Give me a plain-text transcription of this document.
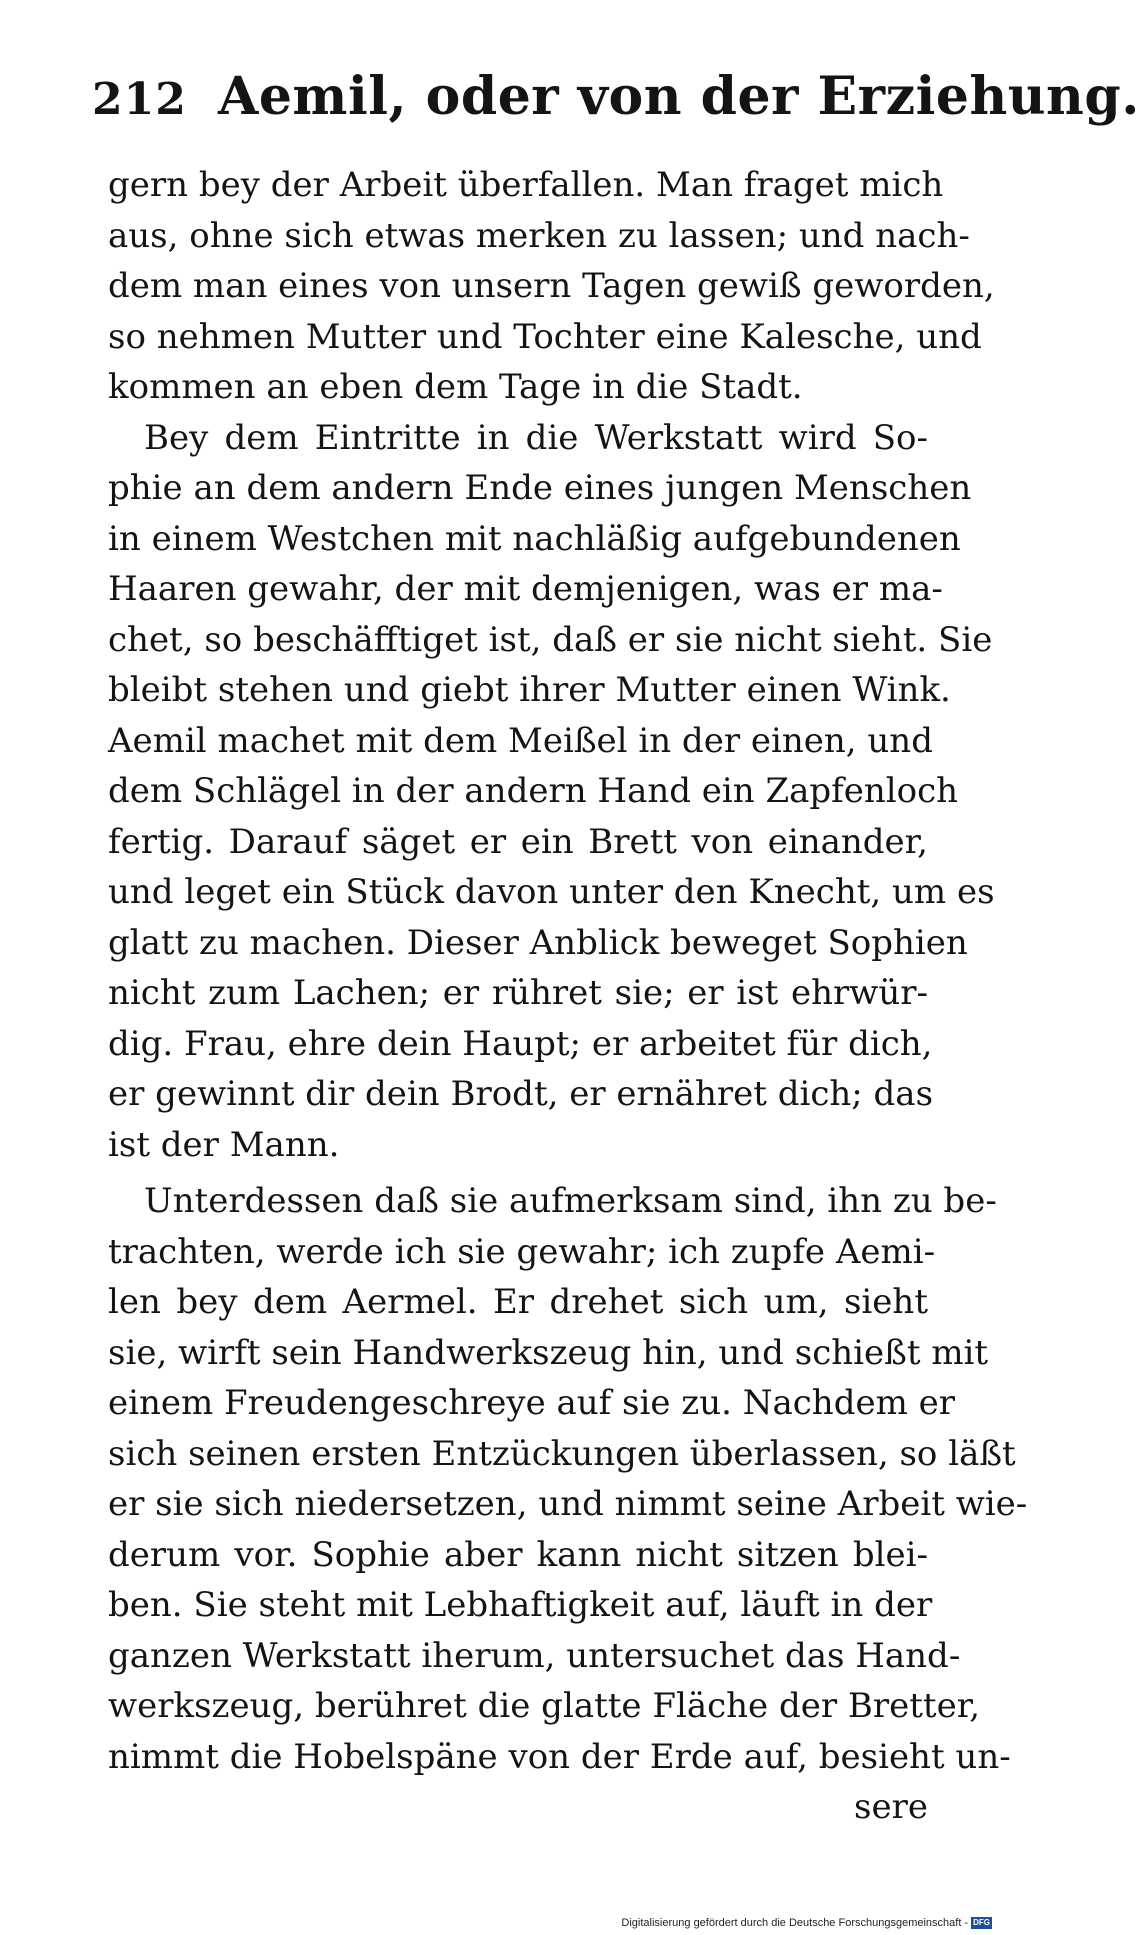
212 Aemil, oder von der Erziehung.
gern bey der Arbeit überfallen. Man fraget mich
aus, ohne sich etwas merken zu lassen; und nach-
dem man eines von unsern Tagen gewiß geworden,
so nehmen Mutter und Tochter eine Kalesche, und
kommen an eben dem Tage in die Stadt.
Bey dem Eintritte in die Werkstatt wird So-
phie an dem andern Ende eines jungen Menschen
in einem Westchen mit nachläßig aufgebundenen
Haaren gewahr, der mit demjenigen, was er ma-
chet, so beschäfftiget ist, daß er sie nicht sieht. Sie
bleibt stehen und giebt ihrer Mutter einen Wink.
Aemil machet mit dem Meißel in der einen, und
dem Schlägel in der andern Hand ein Zapfenloch
fertig. Darauf säget er ein Brett von einander,
und leget ein Stück davon unter den Knecht, um es
glatt zu machen. Dieser Anblick beweget Sophien
nicht zum Lachen; er rühret sie; er ist ehrwür-
dig. Frau, ehre dein Haupt; er arbeitet für dich,
er gewinnt dir dein Brodt, er ernähret dich; das
ist der Mann.
Unterdessen daß sie aufmerksam sind, ihn zu be-
trachten, werde ich sie gewahr; ich zupfe Aemi-
len bey dem Aermel. Er drehet sich um, sieht
sie, wirft sein Handwerkszeug hin, und schießt mit
einem Freudengeschreye auf sie zu. Nachdem er
sich seinen ersten Entzückungen überlassen, so läßt
er sie sich niedersetzen, und nimmt seine Arbeit wie-
derum vor. Sophie aber kann nicht sitzen blei-
ben. Sie steht mit Lebhaftigkeit auf, läuft in der
ganzen Werkstatt iherum, untersuchet das Hand-
werkszeug, berühret die glatte Fläche der Bretter,
nimmt die Hobelspäne von der Erde auf, besieht un-
sere
Digitalisierung gefördert durch die Deutsche Forschungsgemeinschaft - DFG
